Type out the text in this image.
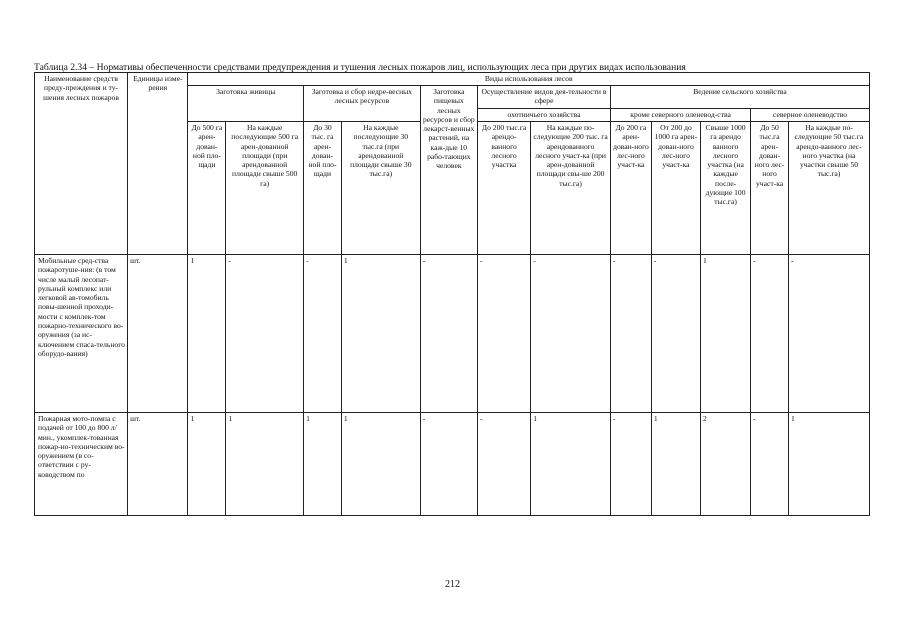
Таблица 2.34 – Нормативы обеспеченности средствами предупреждения и тушения лесных пожаров лиц, использующих леса при других видах использования
Наименование средств преду-преждения и ту-шения лесных пожаров	Единицы изме-рения	Виды использования лесов											
		Заготовка живицы		Заготовка и сбор недре-весных лесных ресурсов		Заготовка пищевых лесных ресурсов и сбор лекарст-венных растений, на каж-дые 10 рабо-тающих человек	Осуществление видов дея-тельности в сфере		Ведение сельского хозяйства				
							охотничьего хозяйства		кроме северного оленевод-ства			северное оленеводство	
		До 500 га арен-дован-ной пло-щади	На каждые последующие 500 га арен-дованной площади (при арендованной площади свыше 500 га)	До 30 тыс. га арен-дован-ной пло-щади	На каждые последующие 30 тыс.га (при арендованной площади свыше 30 тыс.га)		До 200 тыс.га арендо-ванного лесного участка	На каждые по-следующие 200 тыс. га арендованного лесного участ-ка (при арен-дованной площади свы-ше 200 тыс.га)	До 200 га арен-дован-ного лес-ного участ-ка	От 200 до 1000 га арен-дован-ного лес-ного участ-ка	Свыше 1000 га арендо ванного лесного участка (на каждые после-дующие 100 тыс.га)	До 50 тыс.га арен-дован-ного лес-ного участ-ка	На каждые по-следующие 50 тыс.га арендо-ванного лес-ного участка (на участки свыше 50 тыс.га)
Мобильные сред-ства пожаротуше-ния: (в том числе малый лесопат-рульный комплекс или легковой ав-томобиль повы-шенной проходи-мости с комплек-том пожарно-технического во-оружения (за ис-ключением спаса-тельного оборудо-вания)	шт.	1	-	-	1	-	-	-	-	-	1	-	-
Пожарная мото-помпа с подачей от 100 до 800 л/мин., укомплек-тованная пожар-но-техническим во-оружением (в со-ответствии с ру-ководством по	шт.	1	1	1	1	-	-	1	-	1	2	-	1
212
